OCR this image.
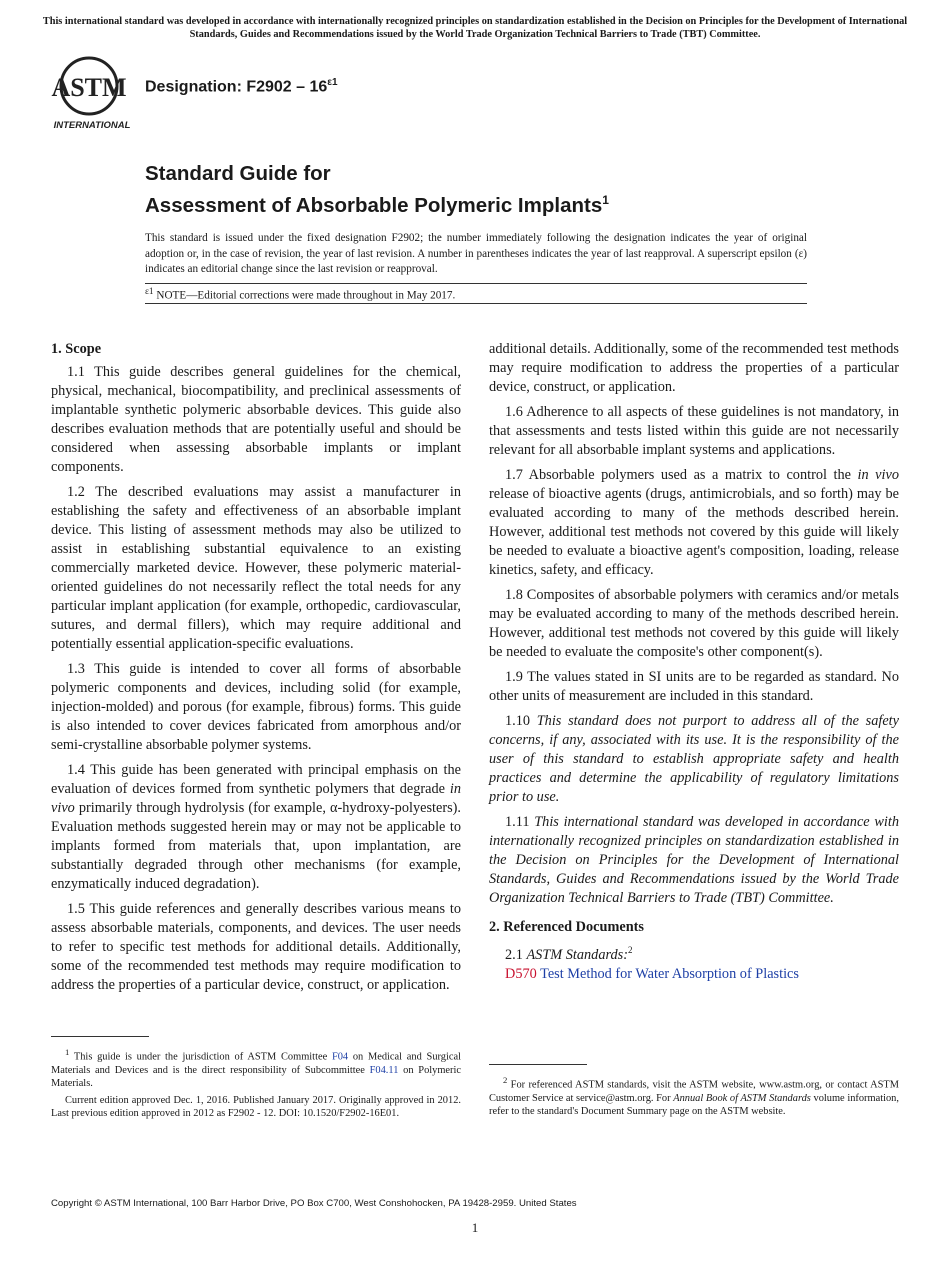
This international standard was developed in accordance with internationally recognized principles on standardization established in the Decision on Principles for the Development of International Standards, Guides and Recommendations issued by the World Trade Organization Technical Barriers to Trade (TBT) Committee.
ASTM
INTERNATIONAL
Designation: $F2902 - 16^{\varepsilon 1}$
Standard Guide for
Assessment of Absorbable Polymeric Implants$^1$
This standard is issued under the fixed designation F2902; the number immediately following the designation indicates the year of original adoption or, in the case of revision, the year of last revision. A number in parentheses indicates the year of last reapproval. A superscript epsilon (ε) indicates an editorial change since the last revision or reapproval.
$^{\varepsilon 1}$ NOTE—Editorial corrections were made throughout in May 2017.
1. Scope

1.1 This guide describes general guidelines for the chemical, physical, mechanical, biocompatibility, and preclinical assessments of implantable synthetic polymeric absorbable devices. This guide also describes evaluation methods that are potentially useful and should be considered when assessing absorbable implants or implant components.

1.2 The described evaluations may assist a manufacturer in establishing the safety and effectiveness of an absorbable implant device. This listing of assessment methods may also be utilized to assist in establishing substantial equivalence to an existing commercially marketed device. However, these polymeric material-oriented guidelines do not necessarily reflect the total needs for any particular implant application (for example, orthopedic, cardiovascular, sutures, and dermal fillers), which may require additional and potentially essential application-specific evaluations.

1.3 This guide is intended to cover all forms of absorbable polymeric components and devices, including solid (for example, injection-molded) and porous (for example, fibrous) forms. This guide is also intended to cover devices fabricated from amorphous and/or semi-crystalline absorbable polymer systems.

1.4 This guide has been generated with principal emphasis on the evaluation of devices formed from synthetic polymers that degrade in vivo primarily through hydrolysis (for example, α-hydroxy-polyesters). Evaluation methods suggested herein may or may not be applicable to implants formed from materials that, upon implantation, are substantially degraded through other mechanisms (for example, enzymatically induced degradation).

1.5 This guide references and generally describes various means to assess absorbable materials, components, and devices. The user needs to refer to specific test methods for additional details. Additionally, some of the recommended test methods may require modification to address the properties of a particular device, construct, or application.

additional details. Additionally, some of the recommended test methods may require modification to address the properties of a particular device, construct, or application.

1.6 Adherence to all aspects of these guidelines is not mandatory, in that assessments and tests listed within this guide are not necessarily relevant for all absorbable implant systems and applications.

1.7 Absorbable polymers used as a matrix to control the in vivo release of bioactive agents (drugs, antimicrobials, and so forth) may be evaluated according to many of the methods described herein. However, additional test methods not covered by this guide will likely be needed to evaluate a bioactive agent's composition, loading, release kinetics, safety, and efficacy.

1.8 Composites of absorbable polymers with ceramics and/or metals may be evaluated according to many of the methods described herein. However, additional test methods not covered by this guide will likely be needed to evaluate the composite's other component(s).

1.9 The values stated in SI units are to be regarded as standard. No other units of measurement are included in this standard.

1.10 This standard does not purport to address all of the safety concerns, if any, associated with its use. It is the responsibility of the user of this standard to establish appropriate safety and health practices and determine the applicability of regulatory limitations prior to use.

1.11 This international standard was developed in accordance with internationally recognized principles on standardization established in the Decision on Principles for the Development of International Standards, Guides and Recommendations issued by the World Trade Organization Technical Barriers to Trade (TBT) Committee.

2. Referenced Documents
2.1 ASTM Standards:$^2$
D570 Test Method for Water Absorption of Plastics

$^1$ This guide is under the jurisdiction of ASTM Committee F04 on Medical and Surgical Materials and Devices and is the direct responsibility of Subcommittee F04.11 on Polymeric Materials.

Current edition approved Dec. 1, 2016. Published January 2017. Originally approved in 2012. Last previous edition approved in 2012 as F2902 - 12. DOI: 10.1520/F2902-16E01.

$^2$ For referenced ASTM standards, visit the ASTM website, www.astm.org, or contact ASTM Customer Service at service@astm.org. For Annual Book of ASTM Standards volume information, refer to the standard's Document Summary page on the ASTM website.

Copyright © ASTM International, 100 Barr Harbor Drive, PO Box C700, West Conshohocken, PA 19428-2959. United States
1
